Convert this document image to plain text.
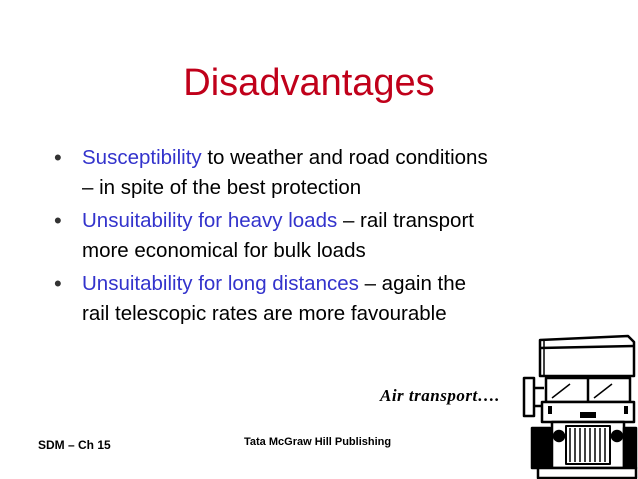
Disadvantages
• Susceptibility to weather and road conditions
– in spite of the best protection
• Unsuitability for heavy loads – rail transport
more economical for bulk loads
• Unsuitability for long distances – again the
rail telescopic rates are more favourable
Air transport….
SDM – Ch 15	Tata McGraw Hill Publishing
